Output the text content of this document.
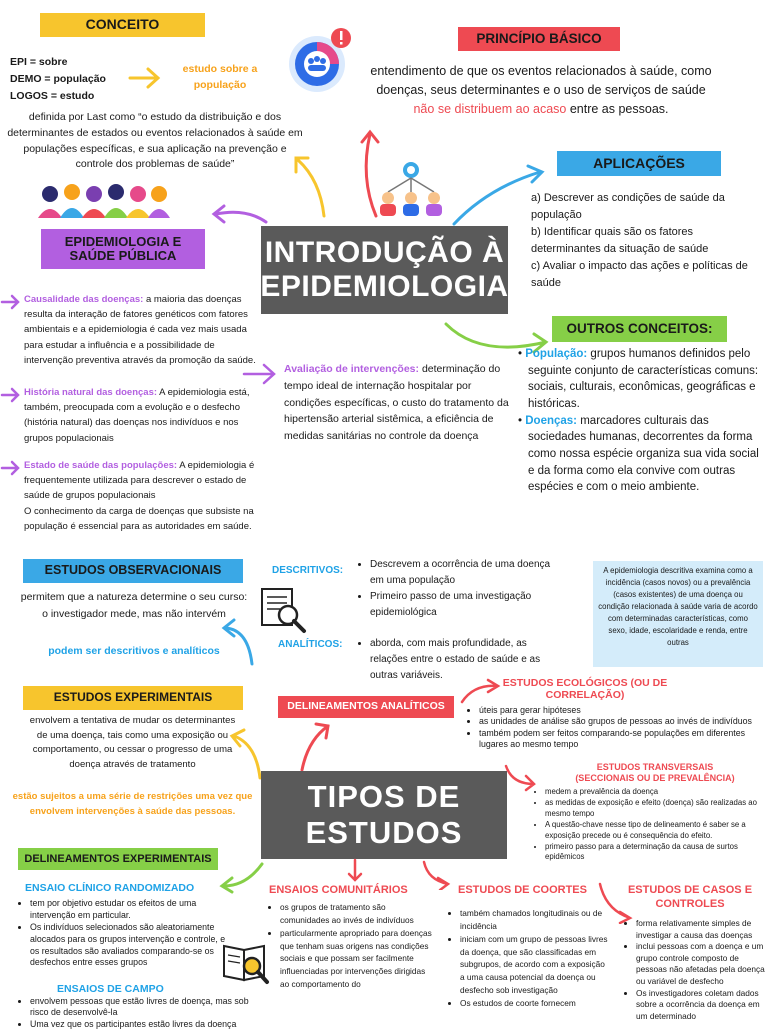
CONCEITO
EPI = sobre
DEMO = população
LOGOS = estudo
estudo sobre a população
definida por Last como “o estudo da distribuição e dos determinantes de estados ou eventos relacionados à saúde em populações específicas, e sua aplicação na prevenção e controle dos problemas de saúde”
PRINCÍPIO BÁSICO
entendimento de que os eventos relacionados à saúde, como doenças, seus determinantes e o uso de serviços de saúde não se distribuem ao acaso entre as pessoas.
APLICAÇÕES
a) Descrever as condições de saúde da população
b) Identificar quais são os fatores determinantes da situação de saúde
c) Avaliar o impacto das ações e políticas de saúde
INTRODUÇÃO À
EPIDEMIOLOGIA
EPIDEMIOLOGIA E SAÚDE PÚBLICA
Causalidade das doenças: a maioria das doenças resulta da interação de fatores genéticos com fatores ambientais e a epidemiologia é cada vez mais usada para estudar a influência e a possibilidade de intervenção preventiva através da promoção da saúde.
História natural das doenças: A epidemiologia está, também, preocupada com a evolução e o desfecho (história natural) das doenças nos indivíduos e nos grupos populacionais
Estado de saúde das populações: A epidemiologia é frequentemente utilizada para descrever o estado de saúde de grupos populacionais
O conhecimento da carga de doenças que subsiste na população é essencial para as autoridades em saúde.
Avaliação de intervenções: determinação do tempo ideal de internação hospitalar por condições específicas, o custo do tratamento da hipertensão arterial sistêmica, a eficiência de medidas sanitárias no controle da doença
OUTROS CONCEITOS:
• População: grupos humanos definidos pelo seguinte conjunto de características comuns: sociais, culturais, econômicas, geográficas e históricas.
• Doenças: marcadores culturais das sociedades humanas, decorrentes da forma como nossa espécie organiza sua vida social e da forma como ela convive com outras espécies e com o meio ambiente.
ESTUDOS OBSERVACIONAIS
permitem que a natureza determine o seu curso: o investigador mede, mas não intervém
podem ser descritivos e analíticos
DESCRITIVOS:
• Descrevem a ocorrência de uma doença em uma população
• Primeiro passo de uma investigação epidemiológica
ANALÍTICOS:
•	aborda, com mais profundidade, as relações entre o estado de saúde e as outras variáveis.
A epidemiologia descritiva examina como a incidência (casos novos) ou a prevalência (casos existentes) de uma doença ou condição relacionada à saúde varia de acordo com determinadas características, como sexo, idade, escolaridade e renda, entre outras
ESTUDOS EXPERIMENTAIS
envolvem a tentativa de mudar os determinantes de uma doença, tais como uma exposição ou comportamento, ou cessar o progresso de uma doença através de tratamento
estão sujeitos a uma série de restrições uma vez que envolvem intervenções à saúde das pessoas.
DELINEAMENTOS ANALÍTICOS
ESTUDOS ECOLÓGICOS (OU DE CORRELAÇÃO)
• úteis para gerar hipóteses
• as unidades de análise são grupos de pessoas ao invés de indivíduos
• também podem ser feitos comparando-se populações em diferentes lugares ao mesmo tempo
ESTUDOS TRANSVERSAIS (SECCIONAIS OU DE PREVALÊNCIA)
• medem a prevalência da doença
• as medidas de exposição e efeito (doença) são realizadas ao mesmo tempo
• A questão-chave nesse tipo de delineamento é saber se a exposição precede ou é consequência do efeito.
• primeiro passo para a determinação da causa de surtos epidêmicos
TIPOS DE
ESTUDOS
DELINEAMENTOS EXPERIMENTAIS
ENSAIO CLÍNICO RANDOMIZADO
• tem por objetivo estudar os efeitos de uma intervenção em particular.
• Os indivíduos selecionados são aleatoriamente alocados para os grupos intervenção e controle, e os resultados são avaliados comparando-se os desfechos entre esses grupos
ENSAIOS DE CAMPO
• envolvem pessoas que estão livres de doença, mas sob risco de desenvolvê-la
• Uma vez que os participantes estão livres da doença
ENSAIOS COMUNITÁRIOS
• os grupos de tratamento são comunidades ao invés de indivíduos
• particularmente apropriado para doenças que tenham suas origens nas condições sociais e que possam ser facilmente influenciadas por intervenções dirigidas ao comportamento do
ESTUDOS DE COORTES
• também chamados longitudinais ou de incidência
• iniciam com um grupo de pessoas livres da doença, que são classificadas em subgrupos, de acordo com a exposição a uma causa potencial da doença ou desfecho sob investigação
• Os estudos de coorte fornecem
ESTUDOS DE CASOS E CONTROLES
• forma relativamente simples de investigar a causa das doenças
• inclui pessoas com a doença e um grupo controle composto de pessoas não afetadas pela doença ou variável de desfecho
• Os investigadores coletam dados sobre a ocorrência da doença em um determinado
